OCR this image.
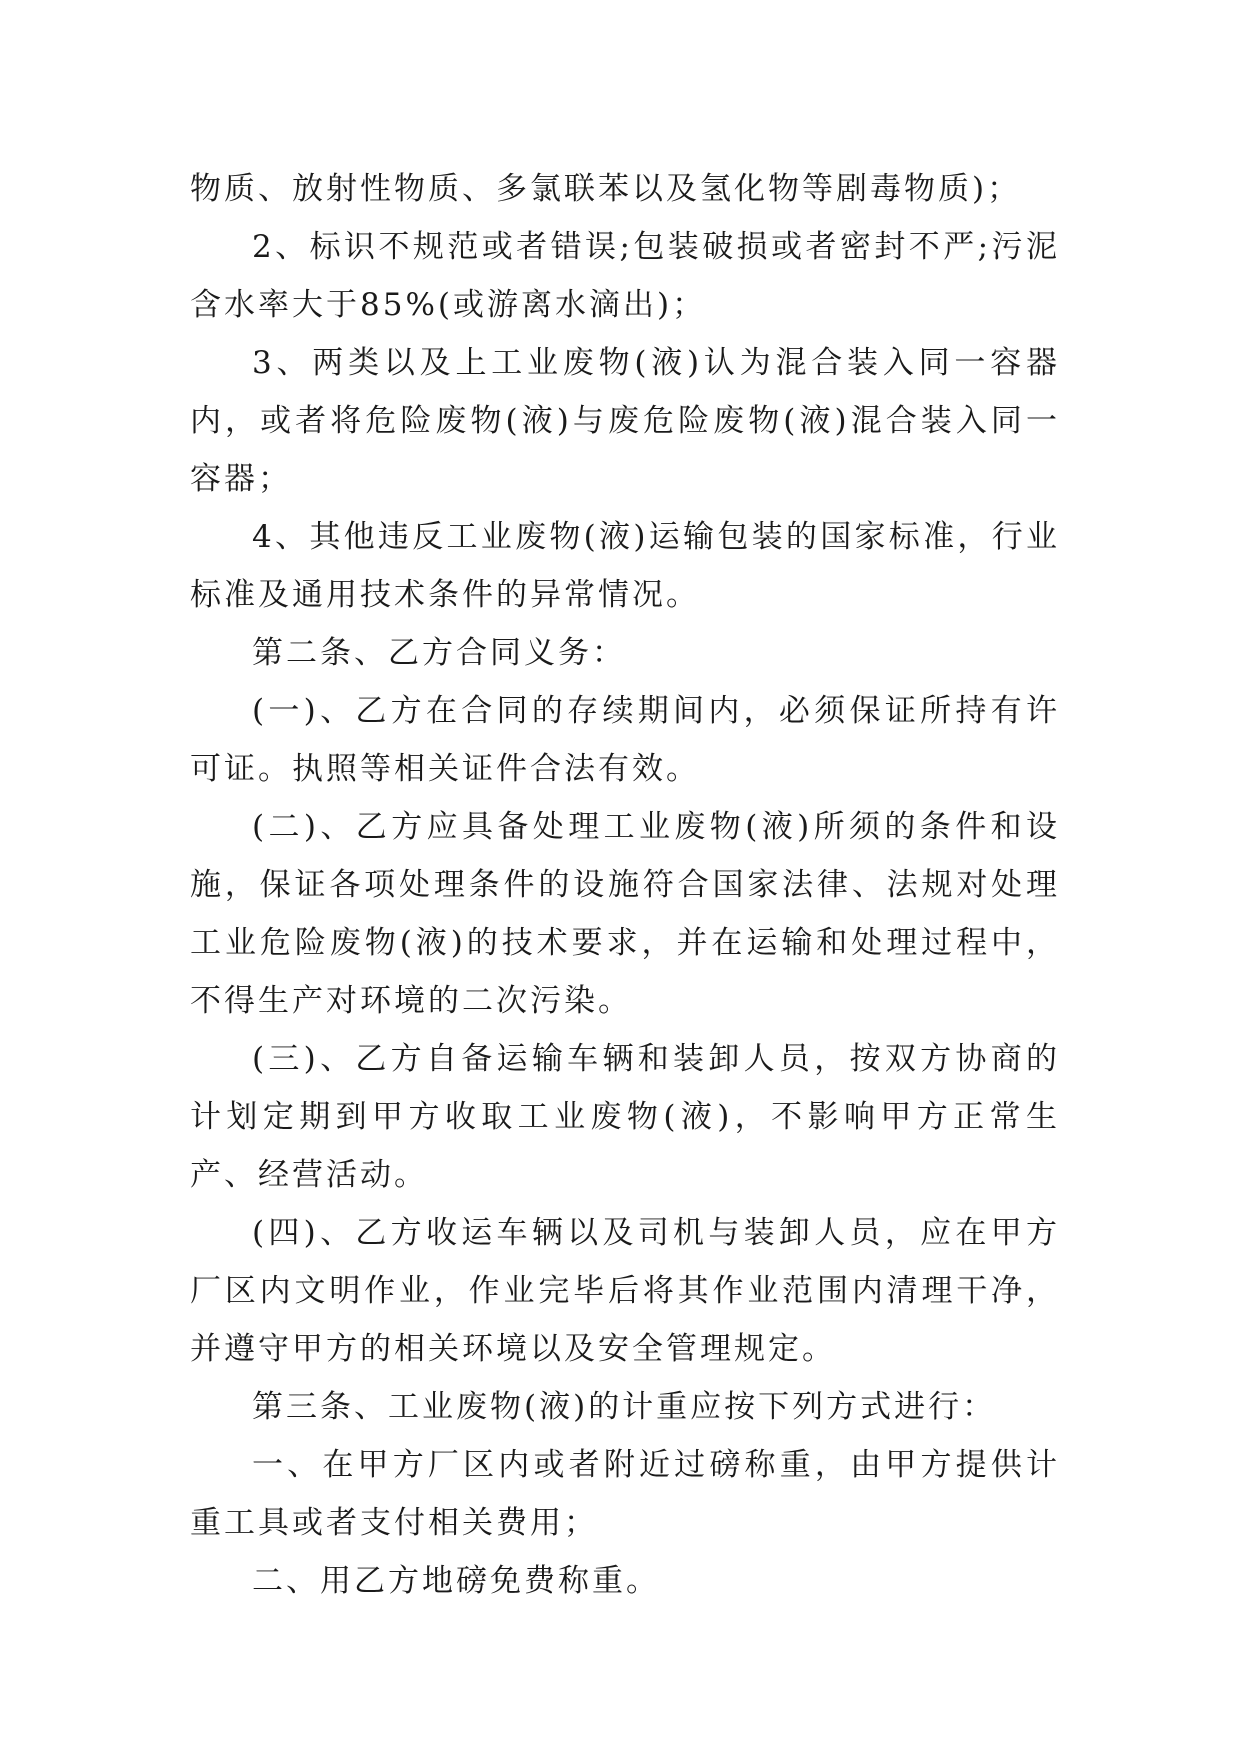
物质、放射性物质、多氯联苯以及氢化物等剧毒物质)；

2、标识不规范或者错误;包装破损或者密封不严;污泥含水率大于85%(或游离水滴出)；

3、两类以及上工业废物(液)认为混合装入同一容器内，或者将危险废物(液)与废危险废物(液)混合装入同一容器；

4、其他违反工业废物(液)运输包装的国家标准，行业标准及通用技术条件的异常情况。

第二条、乙方合同义务：

(一)、乙方在合同的存续期间内，必须保证所持有许可证。执照等相关证件合法有效。

(二)、乙方应具备处理工业废物(液)所须的条件和设施，保证各项处理条件的设施符合国家法律、法规对处理工业危险废物(液)的技术要求，并在运输和处理过程中，不得生产对环境的二次污染。

(三)、乙方自备运输车辆和装卸人员，按双方协商的计划定期到甲方收取工业废物(液)，不影响甲方正常生产、经营活动。

(四)、乙方收运车辆以及司机与装卸人员，应在甲方厂区内文明作业，作业完毕后将其作业范围内清理干净，并遵守甲方的相关环境以及安全管理规定。

第三条、工业废物(液)的计重应按下列方式进行：

一、在甲方厂区内或者附近过磅称重，由甲方提供计重工具或者支付相关费用；

二、用乙方地磅免费称重。
